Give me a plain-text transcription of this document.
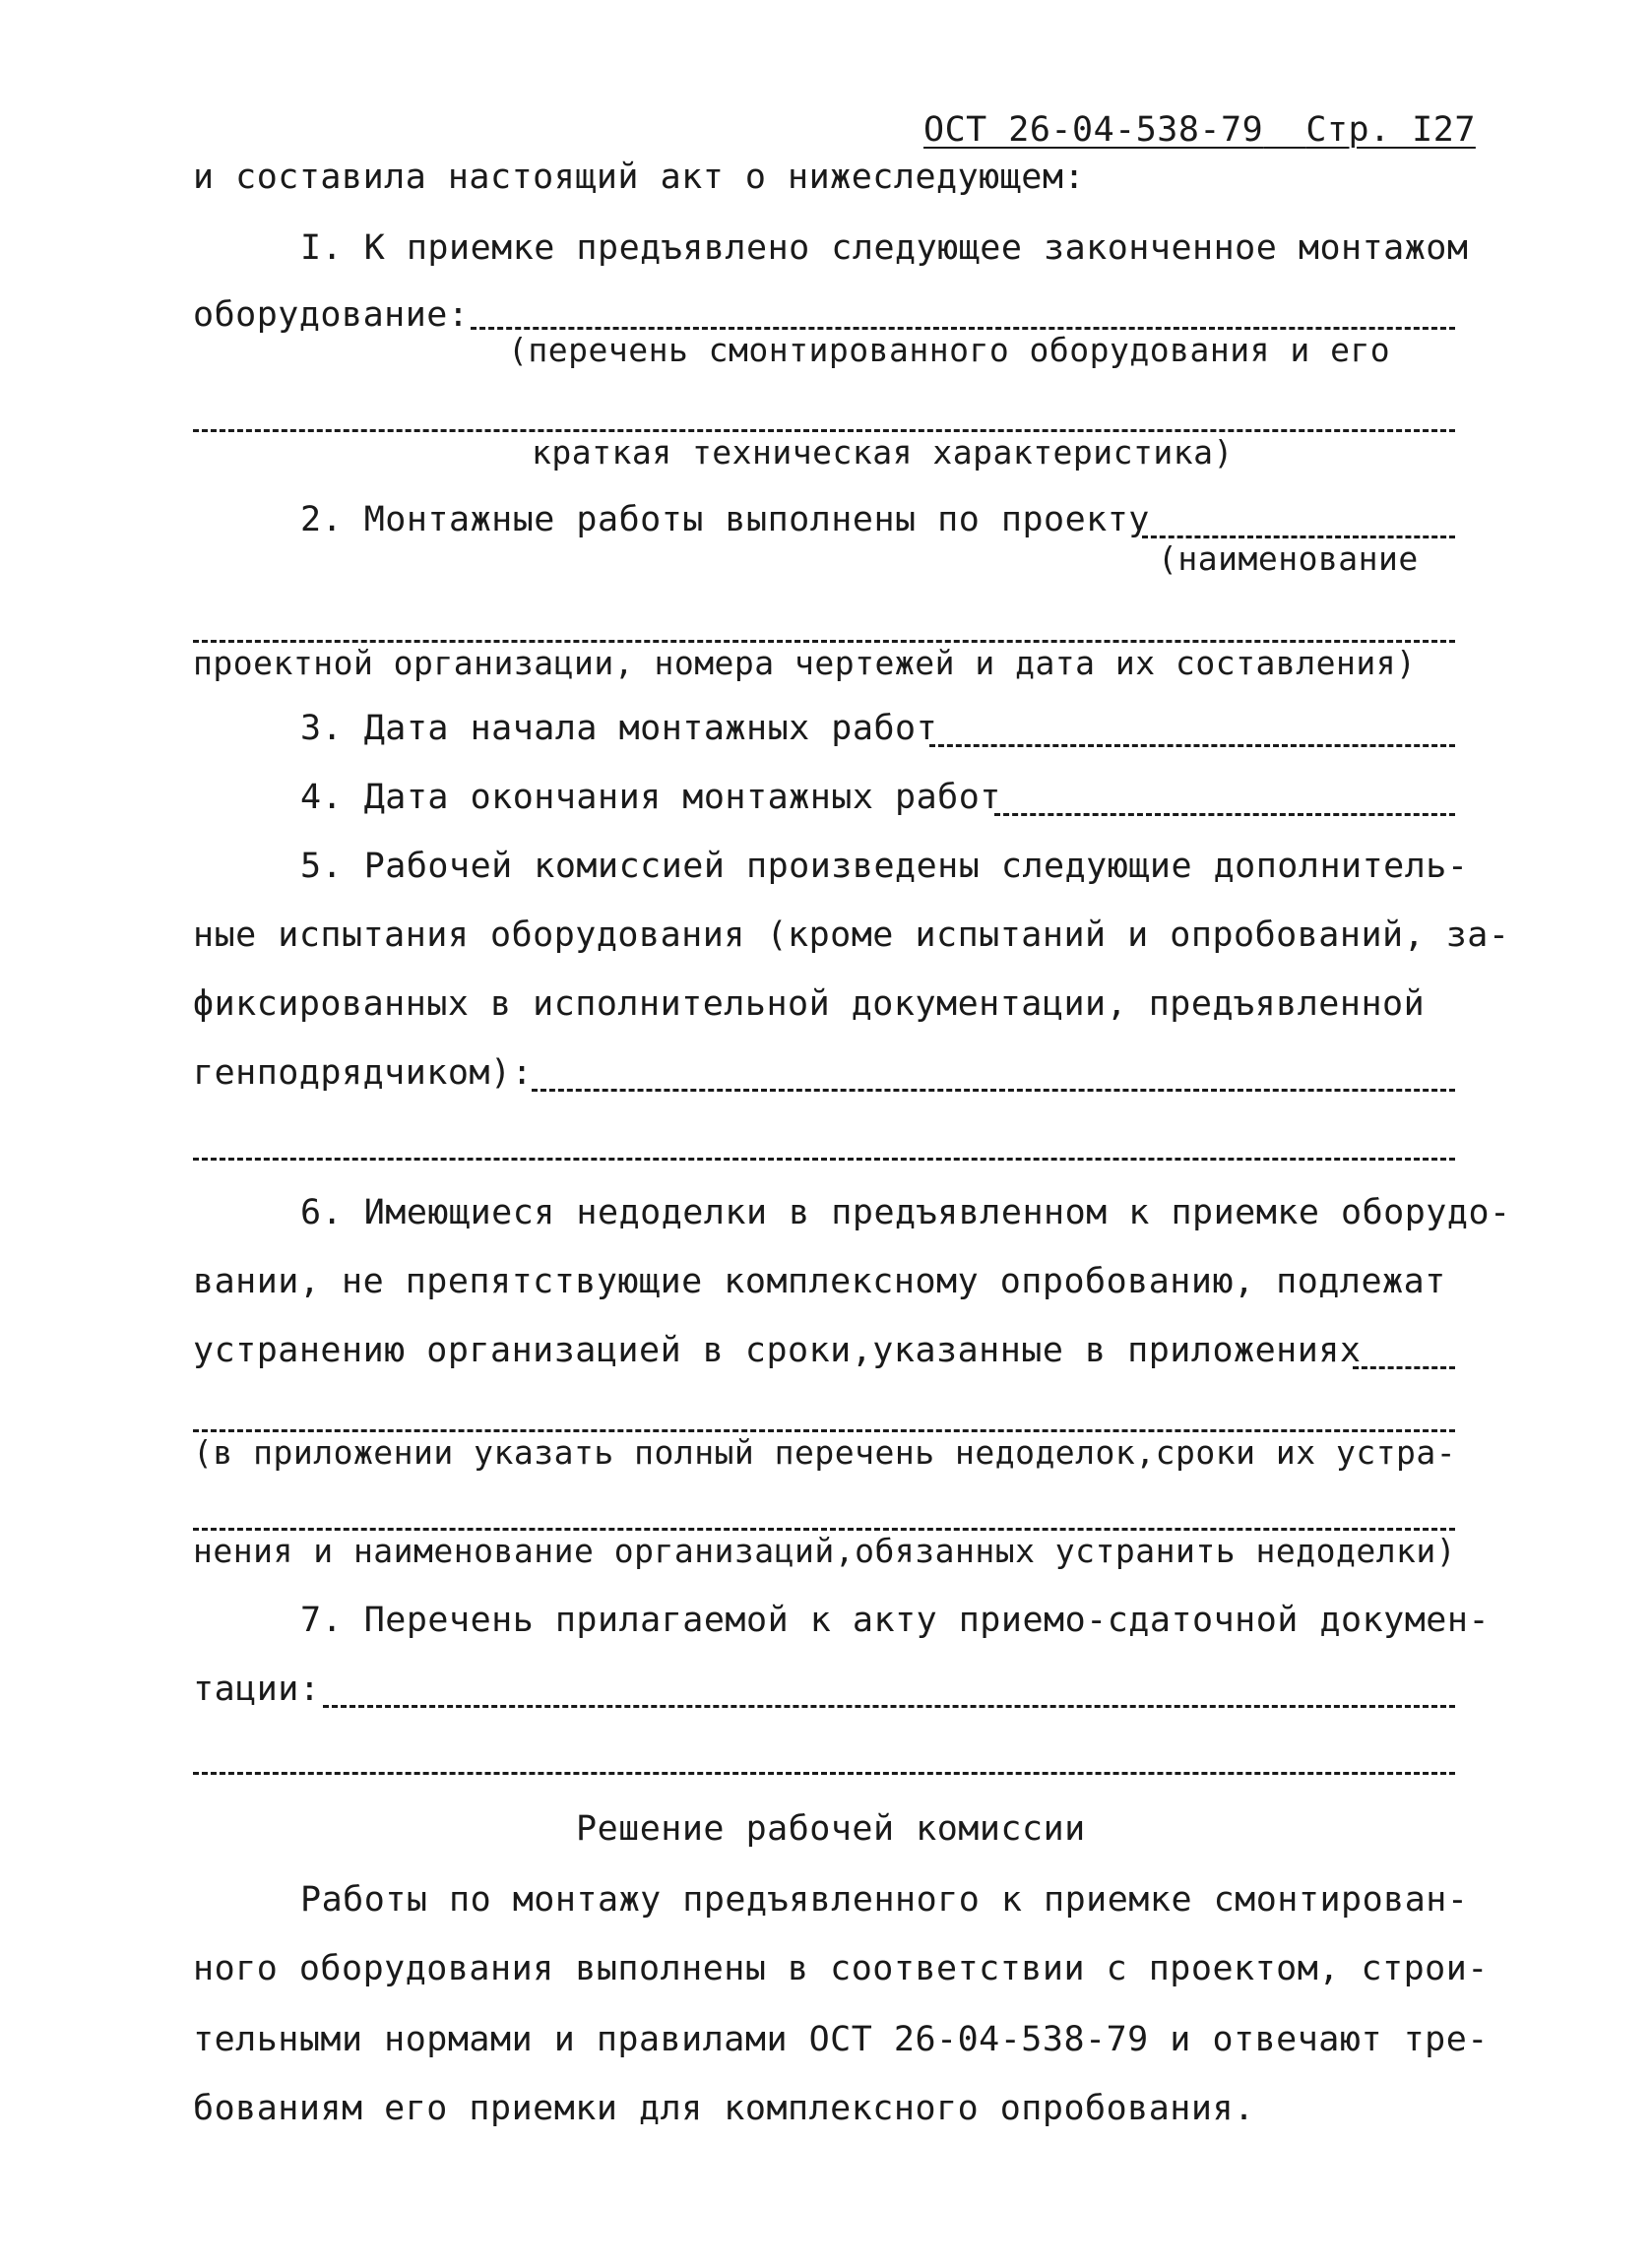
ОСТ 26-04-538-79 Стр. I27
и составила настоящий акт о нижеследующем:
I. К приемке предъявлено следующее законченное монтажом
оборудование:
(перечень смонтированного оборудования и его
краткая техническая характеристика)
2. Монтажные работы выполнены по проекту
(наименование
проектной организации, номера чертежей и дата их составления)
3. Дата начала монтажных работ
4. Дата окончания монтажных работ
5. Рабочей комиссией произведены следующие дополнитель-
ные испытания оборудования (кроме испытаний и опробований, за-
фиксированных в исполнительной документации, предъявленной
генподрядчиком):
6. Имеющиеся недоделки в предъявленном к приемке оборудо-
вании, не препятствующие комплексному опробованию, подлежат
устранению организацией в сроки,указанные в приложениях
(в приложении указать полный перечень недоделок,сроки их устра-
нения и наименование организаций,обязанных устранить недоделки)
7. Перечень прилагаемой к акту приемо-сдаточной докумен-
тации:
Решение рабочей комиссии
Работы по монтажу предъявленного к приемке смонтирован-
ного оборудования выполнены в соответствии с проектом, строи-
тельными нормами и правилами ОСТ 26-04-538-79 и отвечают тре-
бованиям его приемки для комплексного опробования.
